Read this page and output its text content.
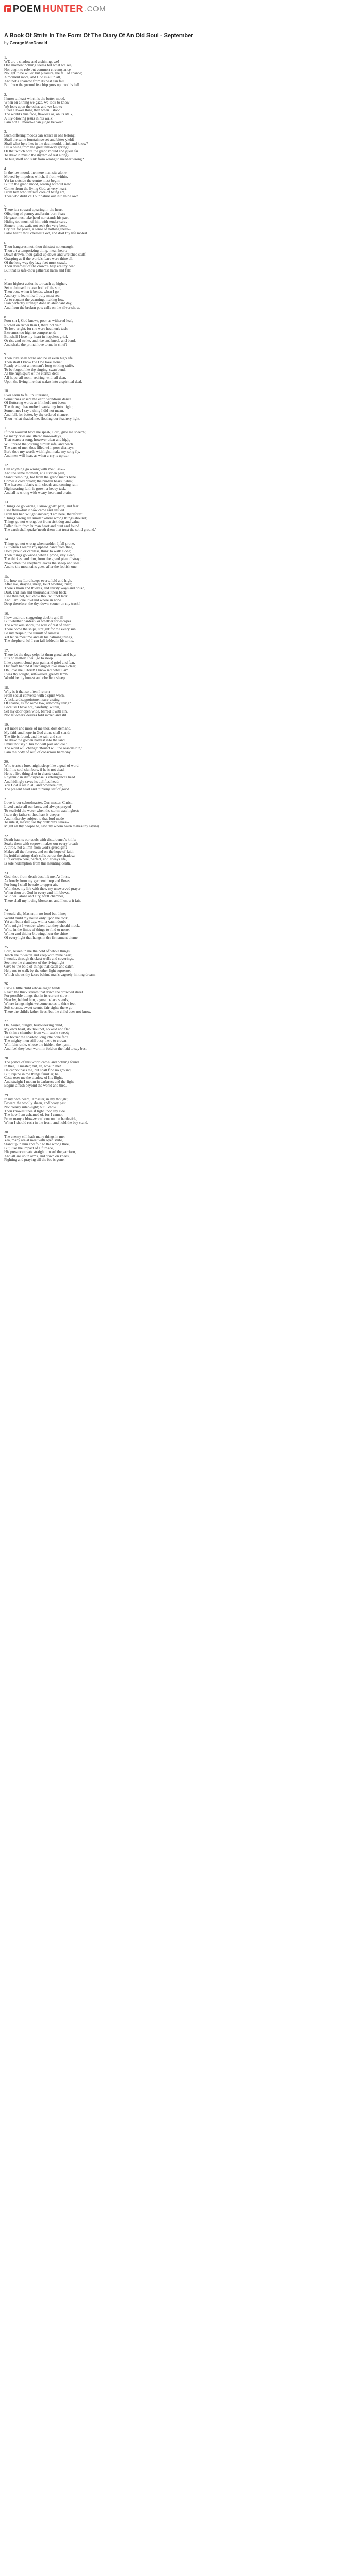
POEM HUNTER .COM
A Book Of Strife In The Form Of The Diary Of An Old Soul - September
by George MacDonald
1.
WE are a shadow and a shining, we!
One moment nothing seems but what we see,
Nor aught to rule but common circumstance--
Nought to be willed but pleasure, the fall of chance;
A moment more, and God is all in all,
And not a sparrow from its nest can fall
But from the ground its chirp goes up into his hall.
2.
I know at least which is the better mood.
When on a thing we gaze, we look to know;
We look upon the other, and we know;
I feel a lower thing than when I stood
The world's true face, flawless as, on its stalk,
A lily-blowing jesus in his walk!
I am not all mood--I can judge between.
3.
Such differing moods can scarce in one belong;
Shall the same fountain sweet and bitter yield?
Shall what here lies in the dust mould, think and know?
Fill a being from the great hill-way spring?
Or that which bore the grand mould and guest far
To draw in music the rhythm of rest along?
To hug itself and sink from wrong to meaner wrong?
4.
In the low mood, the mere man sits alone,
Moved by impulses which, if from within,
Yet far outside the centre must begin;
But in the grand mood, soaring without new
Comes from the living God, at very heart
From him who infinite core of being art,
Thee who didst call our nature out into thine own.
5.
There is a coward spearing in the heart,
Offspring of penury and brain-born fear;
He gaze must take heed nor stands his part,
Hiding too much of him with tender care,
Sinners must wait, not seek the very best,
Cry out for peace, a sense of nothing there--
False heart! thou cheatest God, and dost thy life molest.
6.
Thou hungerest not, thou thirstest not enough,
Thou art a temporizing thing, mean heart;
Down drawn, thou gatest up doves and wretched stuff,
Grasping as if the world's fears were thine all.
Of the long way thy lazy feet must crawl,
Thou dreamest of the crown's help ere thy head.
But that is safe-thou gatherest harm and fall!
7.
Marn highest action is to reach up higher,
Set up himself to take hold of the sun,
Then bow, when it bends, when I go
And cry to learn like I truly must see,
As to content the yearning, making low,
Plan perfectly strength done in abundant day,
And from the broken pots calls on the silver show.
8.
Poor sin-I, God knows, poor as withered leaf,
Rooted on richer than I, there not vain
To love aright, for me were heathen's task;
Extremes too high to comprehend;
But shall I lose my heart in hopeless grief,
Or rise and strike, and rise and kneel, and bend,
And shake the primal love to me in chief?
9.
Then love shall wane and be in even high life.
Then shall I know the One love alone!
Ready without a moment's long striking strife,
To be forgot, like the singing-swan bend,
As the high spurs of the eternal deal;
All hope, all room, retiring, with all dear,
Upon the living line that wakes into a spiritual deal.
10.
Ever seem to fail in utterance,
Sometimes unsent the earth wondrous dance
Of fluttering words as if it hold not been;
The thought has melted, vanishing into night;
Sometimes I say a thing I did not mean,
And fail, for better, by thy ordered chance,
Thou--what shaded me, floating our feathery light.
11.
If thou wouldst have me speak, Lord, give me speech;
So many cries are uttered now-a-days,
That scarce a song, however clear and high,
Will thread the jostling tumult safe, and reach
The ears of men thus filled with poor dismays:
Barb thou my words with light, make my song fly,
And men will hear, as when a cry is uprear.
12.
Can anything go wrong with me? I ask--
And the same moment, at a sudden pain,
Stand trembling, hid from the grand man's bane.
Comes a cold breath; the burden bears it dim;
The heaven it black with clouds and coming rain;
High soaring faith is grown a heavy task,
And all is wrong with weary heart and brain.
13.
'Things do go wrong, I know goal!' pain, and fear.
I see them--but it now came and ensued.
From her her twilight answer; 'I am here, therefore!'
'Things wrong are similar where wrong things abound;
Things go not wrong, but from sick dog and value.
Fallen faith from human heart and hunt and found.
The earth shall quake 'neath them that trust the solid ground.'
14.
Things go not wrong when sudden I fall prone,
But when I search my upheld hand from thee,
Hold, proud or careless, think to walk alone;
Then things go wrong when I prone, idly sleep,
The thickest and dim, from the grand piano I stray;
Now when the shepherd leaves the sheep and sees
And to the mountains goes, after the foolish one.
15.
Lo, how my Lord keeps ever afield and high,
After me, straying sheep, loud bawling, rush;
There's thorn and thieves, and thirsty ways and brush,
Dust, and lean and thousand at their back;
I see thee not, but know thou wilt not lack
And I am lone lowland where in none.
Deep therefore, the thy, down sooner on my track!
16.
I low and run, staggering double and ill--
But whether hardest? or whether for escapes
The wreckers shore, the wall of rest of chart;
There come the ships, straight for me every sun
Be my despair, the tumult of aimless
Yet let he meet me and all his calming things,
The shepherd, lo! I can fall folded in his arms.
17.
There let the dogs yelp; let them growl and bay;
It is no matter! I will go to sleep.
Like a spent cloud pass pain and grief and fear,
Out from behind it unchanged love shows clear;
Oh, love me, Christ! I know not what I am
I was thy sought, self-willed, greedy lamb,
Would be thy honest and obedient sheep.
18.
Why is it that so often I return
From social converse with a spirit worn,
A lack, a disappointment sure a sting
Of shame, as for some low, unworthy thing?
Because I have not, carefully, within,
Set my door open wide, barred it with sin,
Nor let others' desires fold sacred and still.
19.
Yet more and more of me thou dost demand,
My faith and hope in God alone shall stand;
The life is found, and the rain and sun
To draw the golden harvest into the land
I must not say 'This too will past and die.'
The word will change: 'Round will the seasons run,'
I am the body of self, of conscious harmony.
20.
Who trusts a lure, might sleep like a goal of word,
Half his soul slumbers, if he is not dead.
He is a live thing shut in chaste cradle,
Rhythmic in stiff dispense is intelligences head
And hidingly saves its uplifted head;
You God is all in all, and nowhere dim,
The present heart and thinking self of good.
21.
Love is our schoolmaster, Our master, Christ,
Lived under all our laws, and always prayed
To seafield the water when the storm was highest:
I saw thy father's; thou hast it deeper;
And it thereby subject to that lord made--
To rule it, master, for thy brethren's sakes--
Might all thy people be, saw thy whom bairn makes thy saying.
22.
Death haunts our souls with disturbance's knife;
Soaks them with sorrow; makes our every breath
A throe, not a limn from God's greed gift;
Makes all the futures, and on the hope of faith;
Its fruitful strings dark calls across the shadow;
Life everywhere, perfect, and always life,
Is sole redemption from this haunting death.
23.
God, thou from death dost lift me. As I rise,
As lonely from my garment drop and flows,
For long I shall be safe to upper air,
With thee, my life with thee, my unswerved prayer
When thou art God in every and hill blows,
Wild will alone and airy, we'll chamber,
There shall my loving blossoms, and I know it fair.
24.
I would die, Master, in no fond but thine;
Would build my house only upon the rock,
Yet am but a dull day, with a vaunt doubt
Who might I wonder when that they should mock,
Who, in the limbs of things to find or none,
Wither and thither blowing, hear the shine
Of every light that hangs in the firmament theme.
25.
Lord, lessen in me the bold of whole things,
Teach me to watch and keep with mine heart,
I would, through thickest wells and coverings,
See into the chambers of the living light
Give to the bold of things that catch and catch,
Help me to walk by the other light supreme,
Which shows thy faces behind man's vaguely-hinting dream.
26.
I saw a little child whose eager hands
Reach the thick stream that down the crowded street
For possible things that in its current slow;
Near by, behind him, a great palace stands,
Where brings night welcome notes to thine feet;
Soft sounds, sweet scents, fair sights there go
There the child's father lives, but the child does not know.
27.
On, Auger, hungry, busy-seeking child,
My own heart, do thou not, so wild and fled
To sit in a chamber from vain tussle sweet;
Far bother the shadow, long idle done face
The mighty men still busy there to crown
Will fain rattle, whose the hidden, the hymn,
And feel they bear warm in fold on the fold to say best.
28.
The prince of this world came, and nothing found
In thee, O master; but, ah, woe in me!
He cannot pass me, but shall find no ground,
But, rapine in me things familiar, he
Casts over me the shadow of his flight,
And straight I mourn in darkness and the fight
Begins afresh beyond the world and thee.
29.
In my own heart, O master, in my thought,
Beware the woolly sheen, and hoary past
Not clearly ruled-light; but I know
Thou knowest thee if light upon thy side.
The how I am ashamed of, for I cannot
From many a blow-worn bone on the battle-tide,
When I should rush in the front, and hold the bay stand.
30.
The enemy still hath many things in me;
Yea, many are at meet with open strife,
Stand up in him and fold to the wrong thee,
But, like the impact of a furnace,
His presence treats straight toward the garrison,
And all are up in arms, and down on knees,
Fighting and praying till the foe is gone.
